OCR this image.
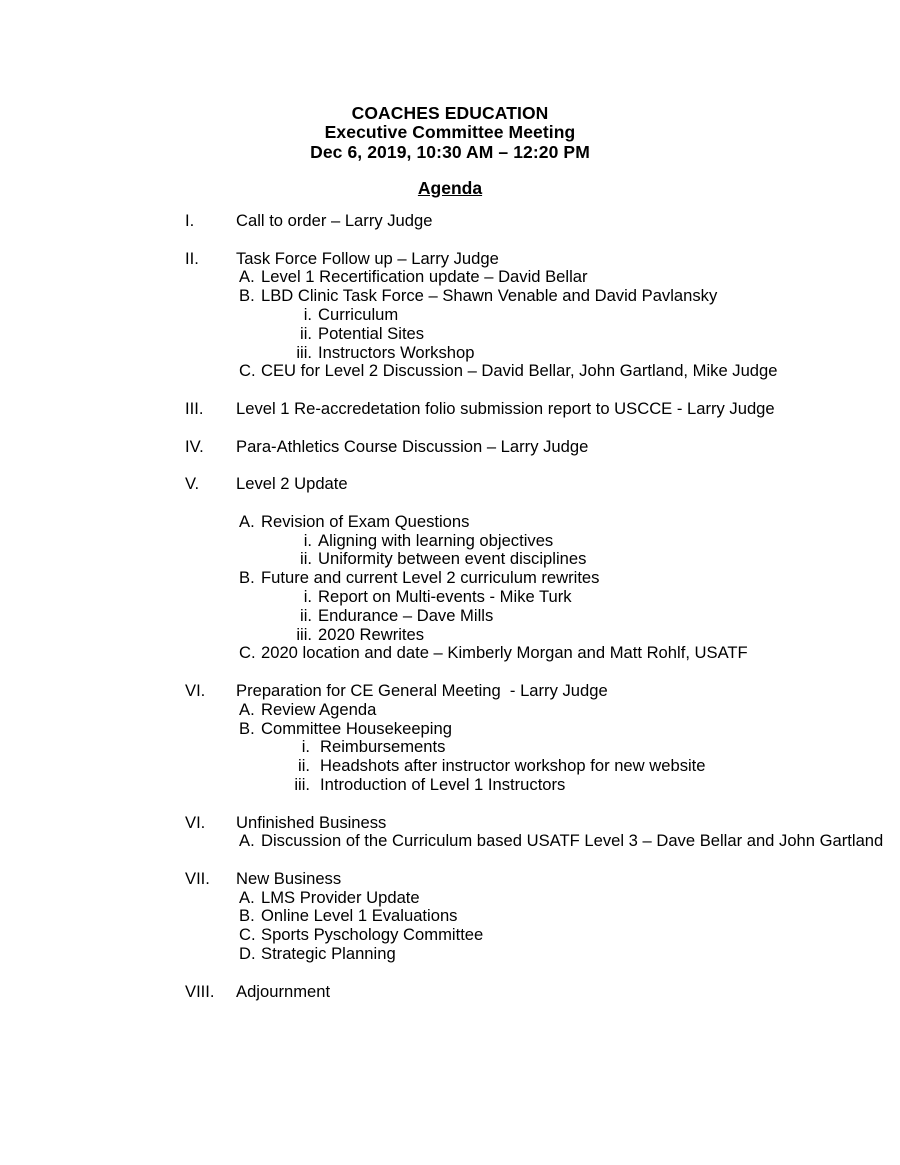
COACHES EDUCATION
Executive Committee Meeting
Dec 6, 2019, 10:30 AM – 12:20 PM
Agenda
I.	Call to order – Larry Judge
II. Task Force Follow up – Larry Judge
A. Level 1 Recertification update – David Bellar
B. LBD Clinic Task Force – Shawn Venable and David Pavlansky
i. Curriculum
ii. Potential Sites
iii. Instructors Workshop
C. CEU for Level 2 Discussion – David Bellar, John Gartland, Mike Judge
III. Level 1 Re-accredetation folio submission report to USCCE - Larry Judge
IV. Para-Athletics Course Discussion – Larry Judge
V. Level 2 Update
A. Revision of Exam Questions
i. Aligning with learning objectives
ii. Uniformity between event disciplines
B. Future and current Level 2 curriculum rewrites
i. Report on Multi-events - Mike Turk
ii. Endurance – Dave Mills
iii. 2020 Rewrites
C. 2020 location and date – Kimberly Morgan and Matt Rohlf, USATF
VI. Preparation for CE General Meeting  - Larry Judge
A. Review Agenda
B. Committee Housekeeping
i. Reimbursements
ii. Headshots after instructor workshop for new website
iii. Introduction of Level 1 Instructors
VI. Unfinished Business
A. Discussion of the Curriculum based USATF Level 3 – Dave Bellar and John Gartland
VII. New Business
A. LMS Provider Update
B. Online Level 1 Evaluations
C. Sports Pyschology Committee
D. Strategic Planning
VIII. Adjournment
